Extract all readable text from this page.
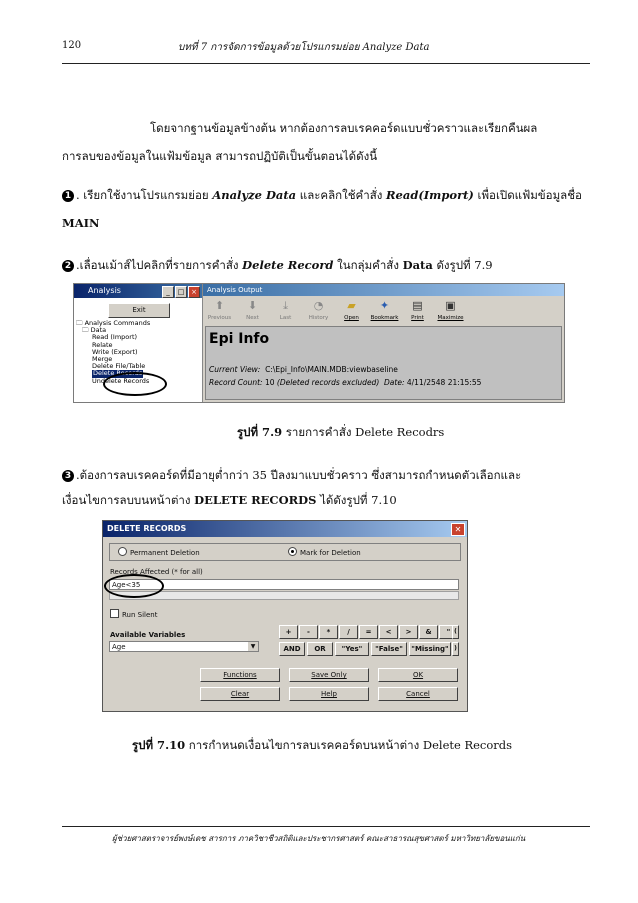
120	บทที่ 7 การจัดการข้อมูลด้วยโปรแกรมย่อย Analyze Data
โดยจากฐานข้อมูลข้างต้น หากต้องการลบเรคคอร์ดแบบชั่วคราวและเรียกคืนผล
การลบของข้อมูลในแฟ้มข้อมูล สามารถปฏิบัติเป็นขั้นตอนได้ดังนี้
1 . เรียกใช้งานโปรแกรมย่อย Analyze Data และคลิกใช้คำสั่ง Read(Import) เพื่อเปิดแฟ้มข้อมูลชื่อ
MAIN
2 .เลื่อนเม้าส์ไปคลิกที่รายการคำสั่ง Delete Record ในกลุ่มคำสั่ง Data ดังรูปที่ 7.9
Analysis	_	□ ×
Exit
🗀 Analysis Commands
🗀 Data
Read (Import)
Relate
Write (Export)
Merge
Delete File/Table
Delete Records
Undelete Records
Analysis Output
⬆
Previous
⬇
Next
⤓
Last
◔
History
▰
Open
✦
Bookmark
▤
Print
▣
Maximize
Epi Info
Current View: C:\Epi_Info\MAIN.MDB:viewbaseline
Record Count: 10 (Deleted records excluded) Date: 4/11/2548 21:15:55
รูปที่ 7.9 รายการคำสั่ง Delete Recodrs
3 .ต้องการลบเรคคอร์ดที่มีอายุต่ำกว่า 35 ปีลงมาแบบชั่วคราว ซึ่งสามารถกำหนดตัวเลือกและ
เงื่อนไขการลบบนหน้าต่าง DELETE RECORDS ได้ดังรูปที่ 7.10
DELETE RECORDS	✕
Permanent Deletion	Mark for Deletion
Records Affected (* for all)
Age<35
Run Silent
Available Variables
Age	▼
+	-	*	/	=	<	>	&	"
AND	OR	"Yes"	"False"	"Missing"
(
)
Functions	Save Only	OK
Clear	Help	Cancel
รูปที่ 7.10 การกำหนดเงื่อนไขการลบเรคคอร์ดบนหน้าต่าง Delete Records
ผู้ช่วยศาสตราจารย์พงษ์เดช สารการ ภาควิชาชีวสถิติและประชากรศาสตร์ คณะสาธารณสุขศาสตร์ มหาวิทยาลัยขอนแก่น
